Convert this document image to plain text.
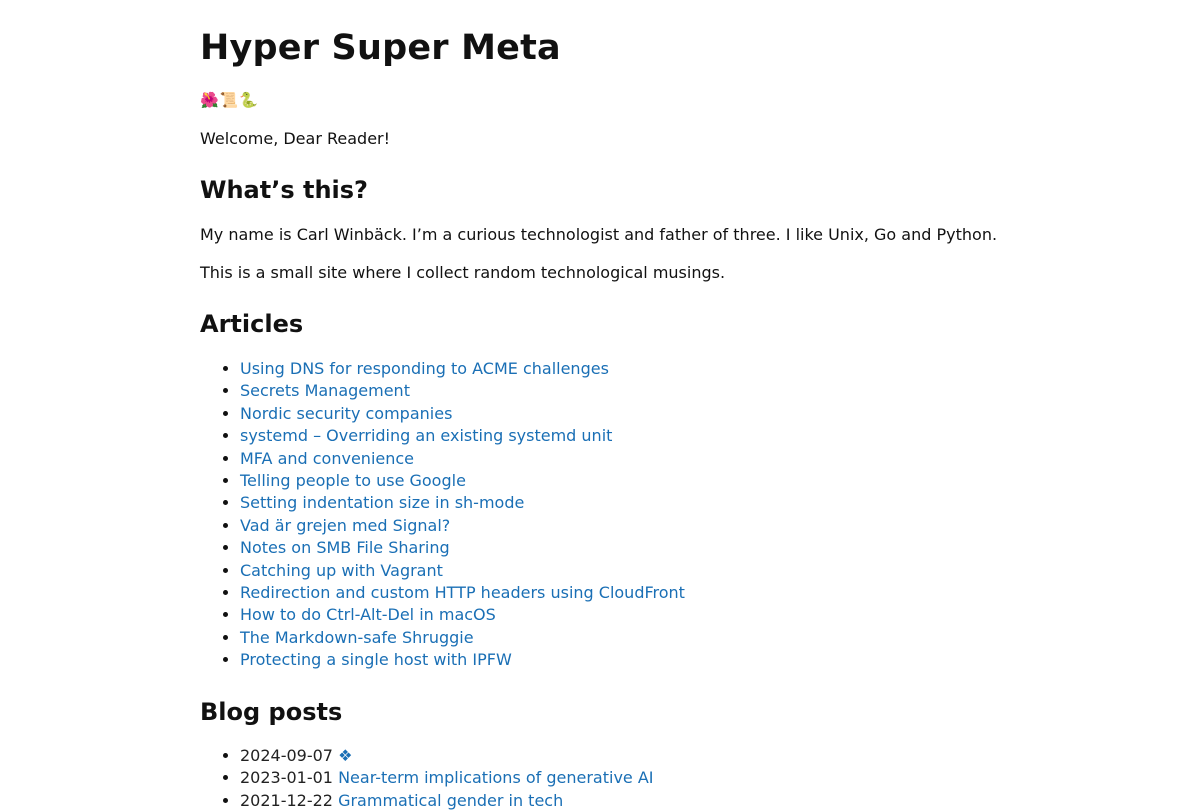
Hyper Super Meta
🌺📜🐍

Welcome, Dear Reader!

What’s this?

My name is Carl Winbäck. I’m a curious technologist and father of three. I like Unix, Go and Python.

This is a small site where I collect random technological musings.

Articles
• Using DNS for responding to ACME challenges
• Secrets Management
• Nordic security companies
• systemd – Overriding an existing systemd unit
• MFA and convenience
• Telling people to use Google
• Setting indentation size in sh-mode
• Vad är grejen med Signal?
• Notes on SMB File Sharing
• Catching up with Vagrant
• Redirection and custom HTTP headers using CloudFront
• How to do Ctrl-Alt-Del in macOS
• The Markdown-safe Shruggie
• Protecting a single host with IPFW
Blog posts
• 2024-09-07 ❖
• 2023-01-01 Near-term implications of generative AI
• 2021-12-22 Grammatical gender in tech
